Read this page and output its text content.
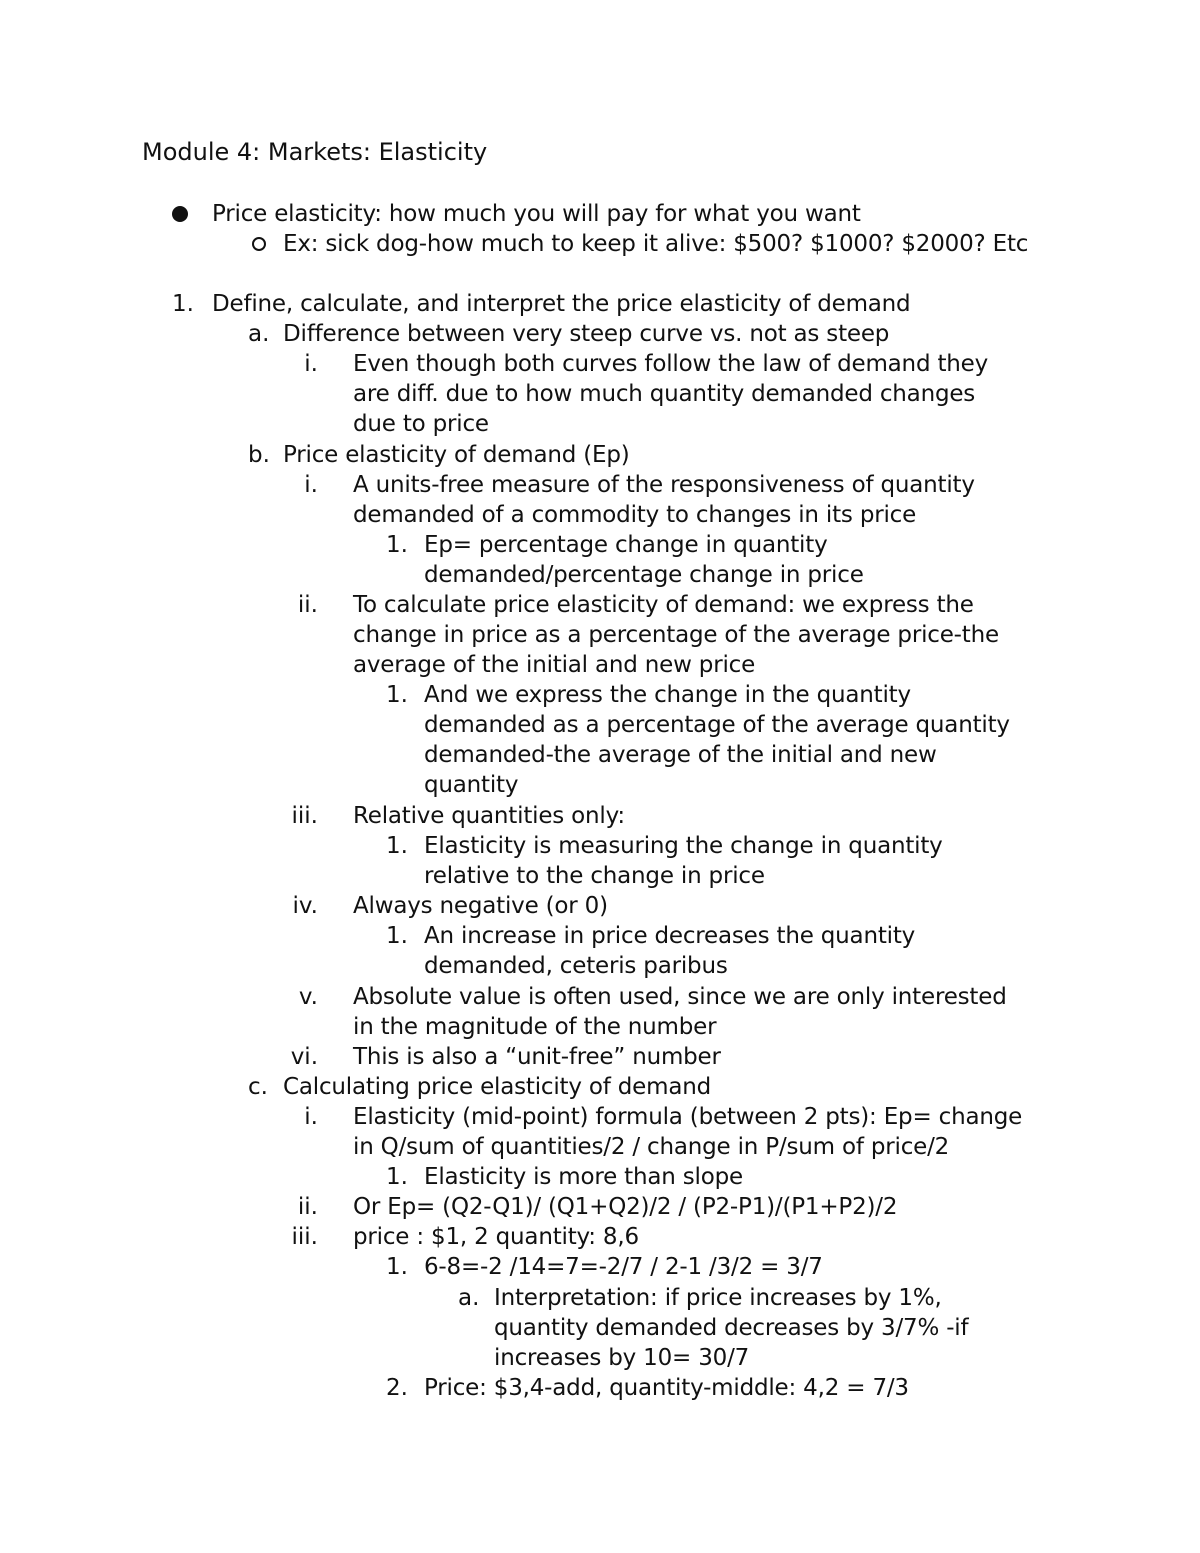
Module 4: Markets: Elasticity
Price elasticity: how much you will pay for what you want
Ex: sick dog-how much to keep it alive: $500? $1000? $2000? Etc
1. Define, calculate, and interpret the price elasticity of demand
a. Difference between very steep curve vs. not as steep
i. Even though both curves follow the law of demand they
are diff. due to how much quantity demanded changes
due to price
b. Price elasticity of demand (Ep)
i. A units-free measure of the responsiveness of quantity
demanded of a commodity to changes in its price
1. Ep= percentage change in quantity
demanded/percentage change in price
ii. To calculate price elasticity of demand: we express the
change in price as a percentage of the average price-the
average of the initial and new price
1. And we express the change in the quantity
demanded as a percentage of the average quantity
demanded-the average of the initial and new
quantity
iii. Relative quantities only:
1. Elasticity is measuring the change in quantity
relative to the change in price
iv. Always negative (or 0)
1. An increase in price decreases the quantity
demanded, ceteris paribus
v. Absolute value is often used, since we are only interested
in the magnitude of the number
vi. This is also a “unit-free” number
c. Calculating price elasticity of demand
i. Elasticity (mid-point) formula (between 2 pts): Ep= change
in Q/sum of quantities/2 / change in P/sum of price/2
1. Elasticity is more than slope
ii. Or Ep= (Q2-Q1)/ (Q1+Q2)/2 / (P2-P1)/(P1+P2)/2
iii. price : $1, 2 quantity: 8,6
1. 6-8=-2 /14=7=-2/7 / 2-1 /3/2 = 3/7
a. Interpretation: if price increases by 1%,
quantity demanded decreases by 3/7% -if
increases by 10= 30/7
2. Price: $3,4-add, quantity-middle: 4,2 = 7/3
